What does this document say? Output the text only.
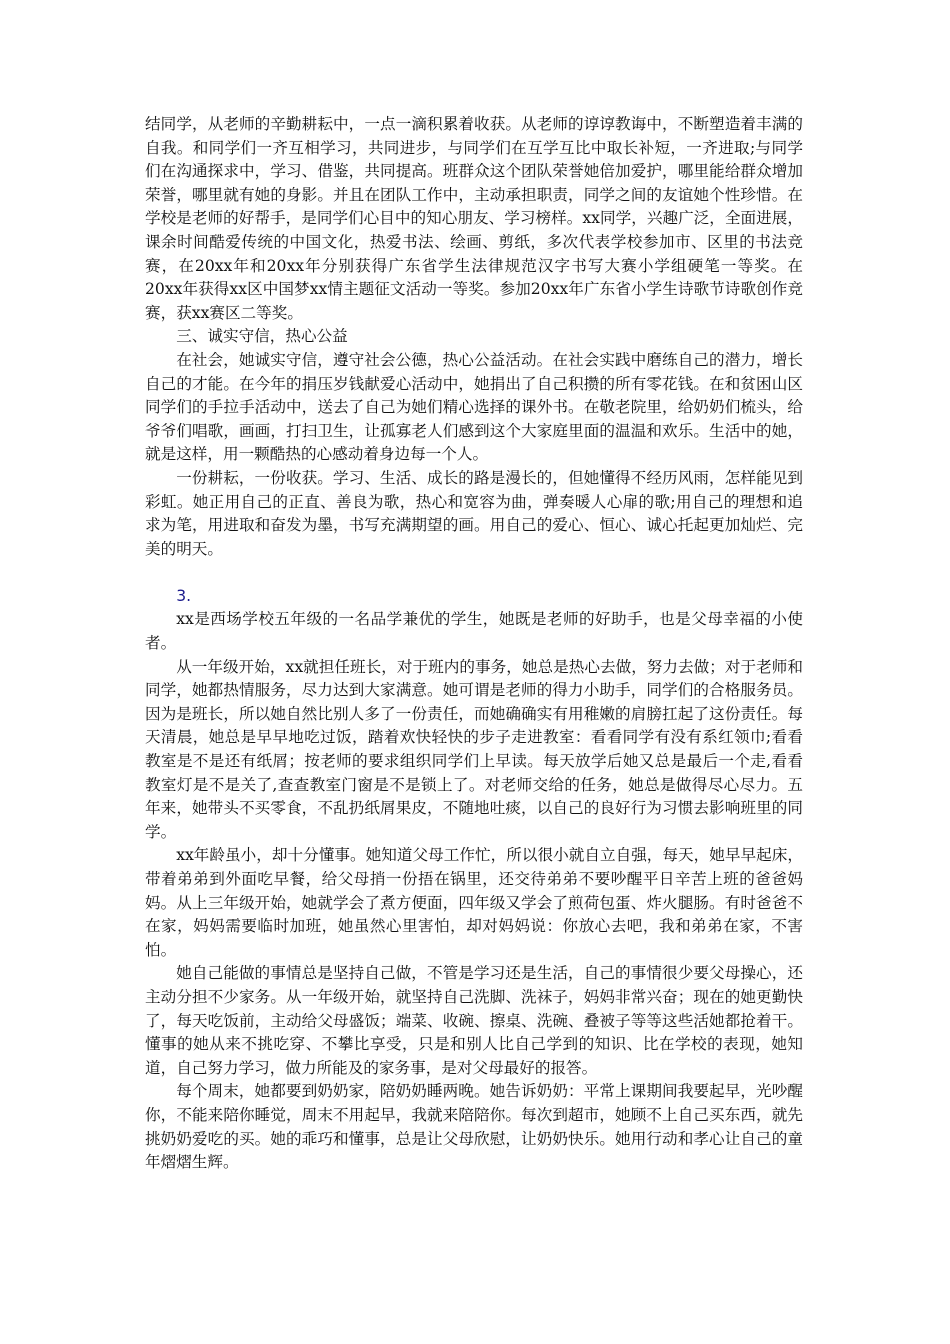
结同学，从老师的辛勤耕耘中，一点一滴积累着收获。从老师的谆谆教诲中，不断塑造着丰满的自我。和同学们一齐互相学习，共同进步，与同学们在互学互比中取长补短，一齐进取;与同学们在沟通探求中，学习、借鉴，共同提高。班群众这个团队荣誉她倍加爱护，哪里能给群众增加荣誉，哪里就有她的身影。并且在团队工作中，主动承担职责，同学之间的友谊她个性珍惜。在学校是老师的好帮手，是同学们心目中的知心朋友、学习榜样。xx同学，兴趣广泛，全面进展，课余时间酷爱传统的中国文化，热爱书法、绘画、剪纸，多次代表学校参加市、区里的书法竞赛，在20xx年和20xx年分别获得广东省学生法律规范汉字书写大赛小学组硬笔一等奖。在20xx年获得xx区中国梦xx情主题征文活动一等奖。参加20xx年广东省小学生诗歌节诗歌创作竞赛，获xx赛区二等奖。

三、诚实守信，热心公益

在社会，她诚实守信，遵守社会公德，热心公益活动。在社会实践中磨练自己的潜力，增长自己的才能。在今年的捐压岁钱献爱心活动中，她捐出了自己积攒的所有零花钱。在和贫困山区同学们的手拉手活动中，送去了自己为她们精心选择的课外书。在敬老院里，给奶奶们梳头，给爷爷们唱歌，画画，打扫卫生，让孤寡老人们感到这个大家庭里面的温温和欢乐。生活中的她，就是这样，用一颗酷热的心感动着身边每一个人。

一份耕耘，一份收获。学习、生活、成长的路是漫长的，但她懂得不经历风雨，怎样能见到彩虹。她正用自己的正直、善良为歌，热心和宽容为曲，弹奏暖人心扉的歌;用自己的理想和追求为笔，用进取和奋发为墨，书写充满期望的画。用自己的爱心、恒心、诚心托起更加灿烂、完美的明天。

3.

xx是西场学校五年级的一名品学兼优的学生，她既是老师的好助手，也是父母幸福的小使者。

从一年级开始，xx就担任班长，对于班内的事务，她总是热心去做，努力去做；对于老师和同学，她都热情服务，尽力达到大家满意。她可谓是老师的得力小助手，同学们的合格服务员。因为是班长，所以她自然比别人多了一份责任，而她确确实有用稚嫩的肩膀扛起了这份责任。每天清晨，她总是早早地吃过饭，踏着欢快轻快的步子走进教室：看看同学有没有系红领巾;看看教室是不是还有纸屑；按老师的要求组织同学们上早读。每天放学后她又总是最后一个走,看看教室灯是不是关了,查查教室门窗是不是锁上了。对老师交给的任务，她总是做得尽心尽力。五年来，她带头不买零食，不乱扔纸屑果皮，不随地吐痰，以自己的良好行为习惯去影响班里的同学。

xx年龄虽小，却十分懂事。她知道父母工作忙，所以很小就自立自强，每天，她早早起床，带着弟弟到外面吃早餐，给父母捎一份捂在锅里，还交待弟弟不要吵醒平日辛苦上班的爸爸妈妈。从上三年级开始，她就学会了煮方便面，四年级又学会了煎荷包蛋、炸火腿肠。有时爸爸不在家，妈妈需要临时加班，她虽然心里害怕，却对妈妈说：你放心去吧，我和弟弟在家，不害怕。

她自己能做的事情总是坚持自己做，不管是学习还是生活，自己的事情很少要父母操心，还主动分担不少家务。从一年级开始，就坚持自己洗脚、洗袜子，妈妈非常兴奋；现在的她更勤快了，每天吃饭前，主动给父母盛饭；端菜、收碗、擦桌、洗碗、叠被子等等这些活她都抢着干。懂事的她从来不挑吃穿、不攀比享受，只是和别人比自己学到的知识、比在学校的表现，她知道，自己努力学习，做力所能及的家务事，是对父母最好的报答。

每个周末，她都要到奶奶家，陪奶奶睡两晚。她告诉奶奶：平常上课期间我要起早，光吵醒你，不能来陪你睡觉，周末不用起早，我就来陪陪你。每次到超市，她顾不上自己买东西，就先挑奶奶爱吃的买。她的乖巧和懂事，总是让父母欣慰，让奶奶快乐。她用行动和孝心让自己的童年熠熠生辉。
